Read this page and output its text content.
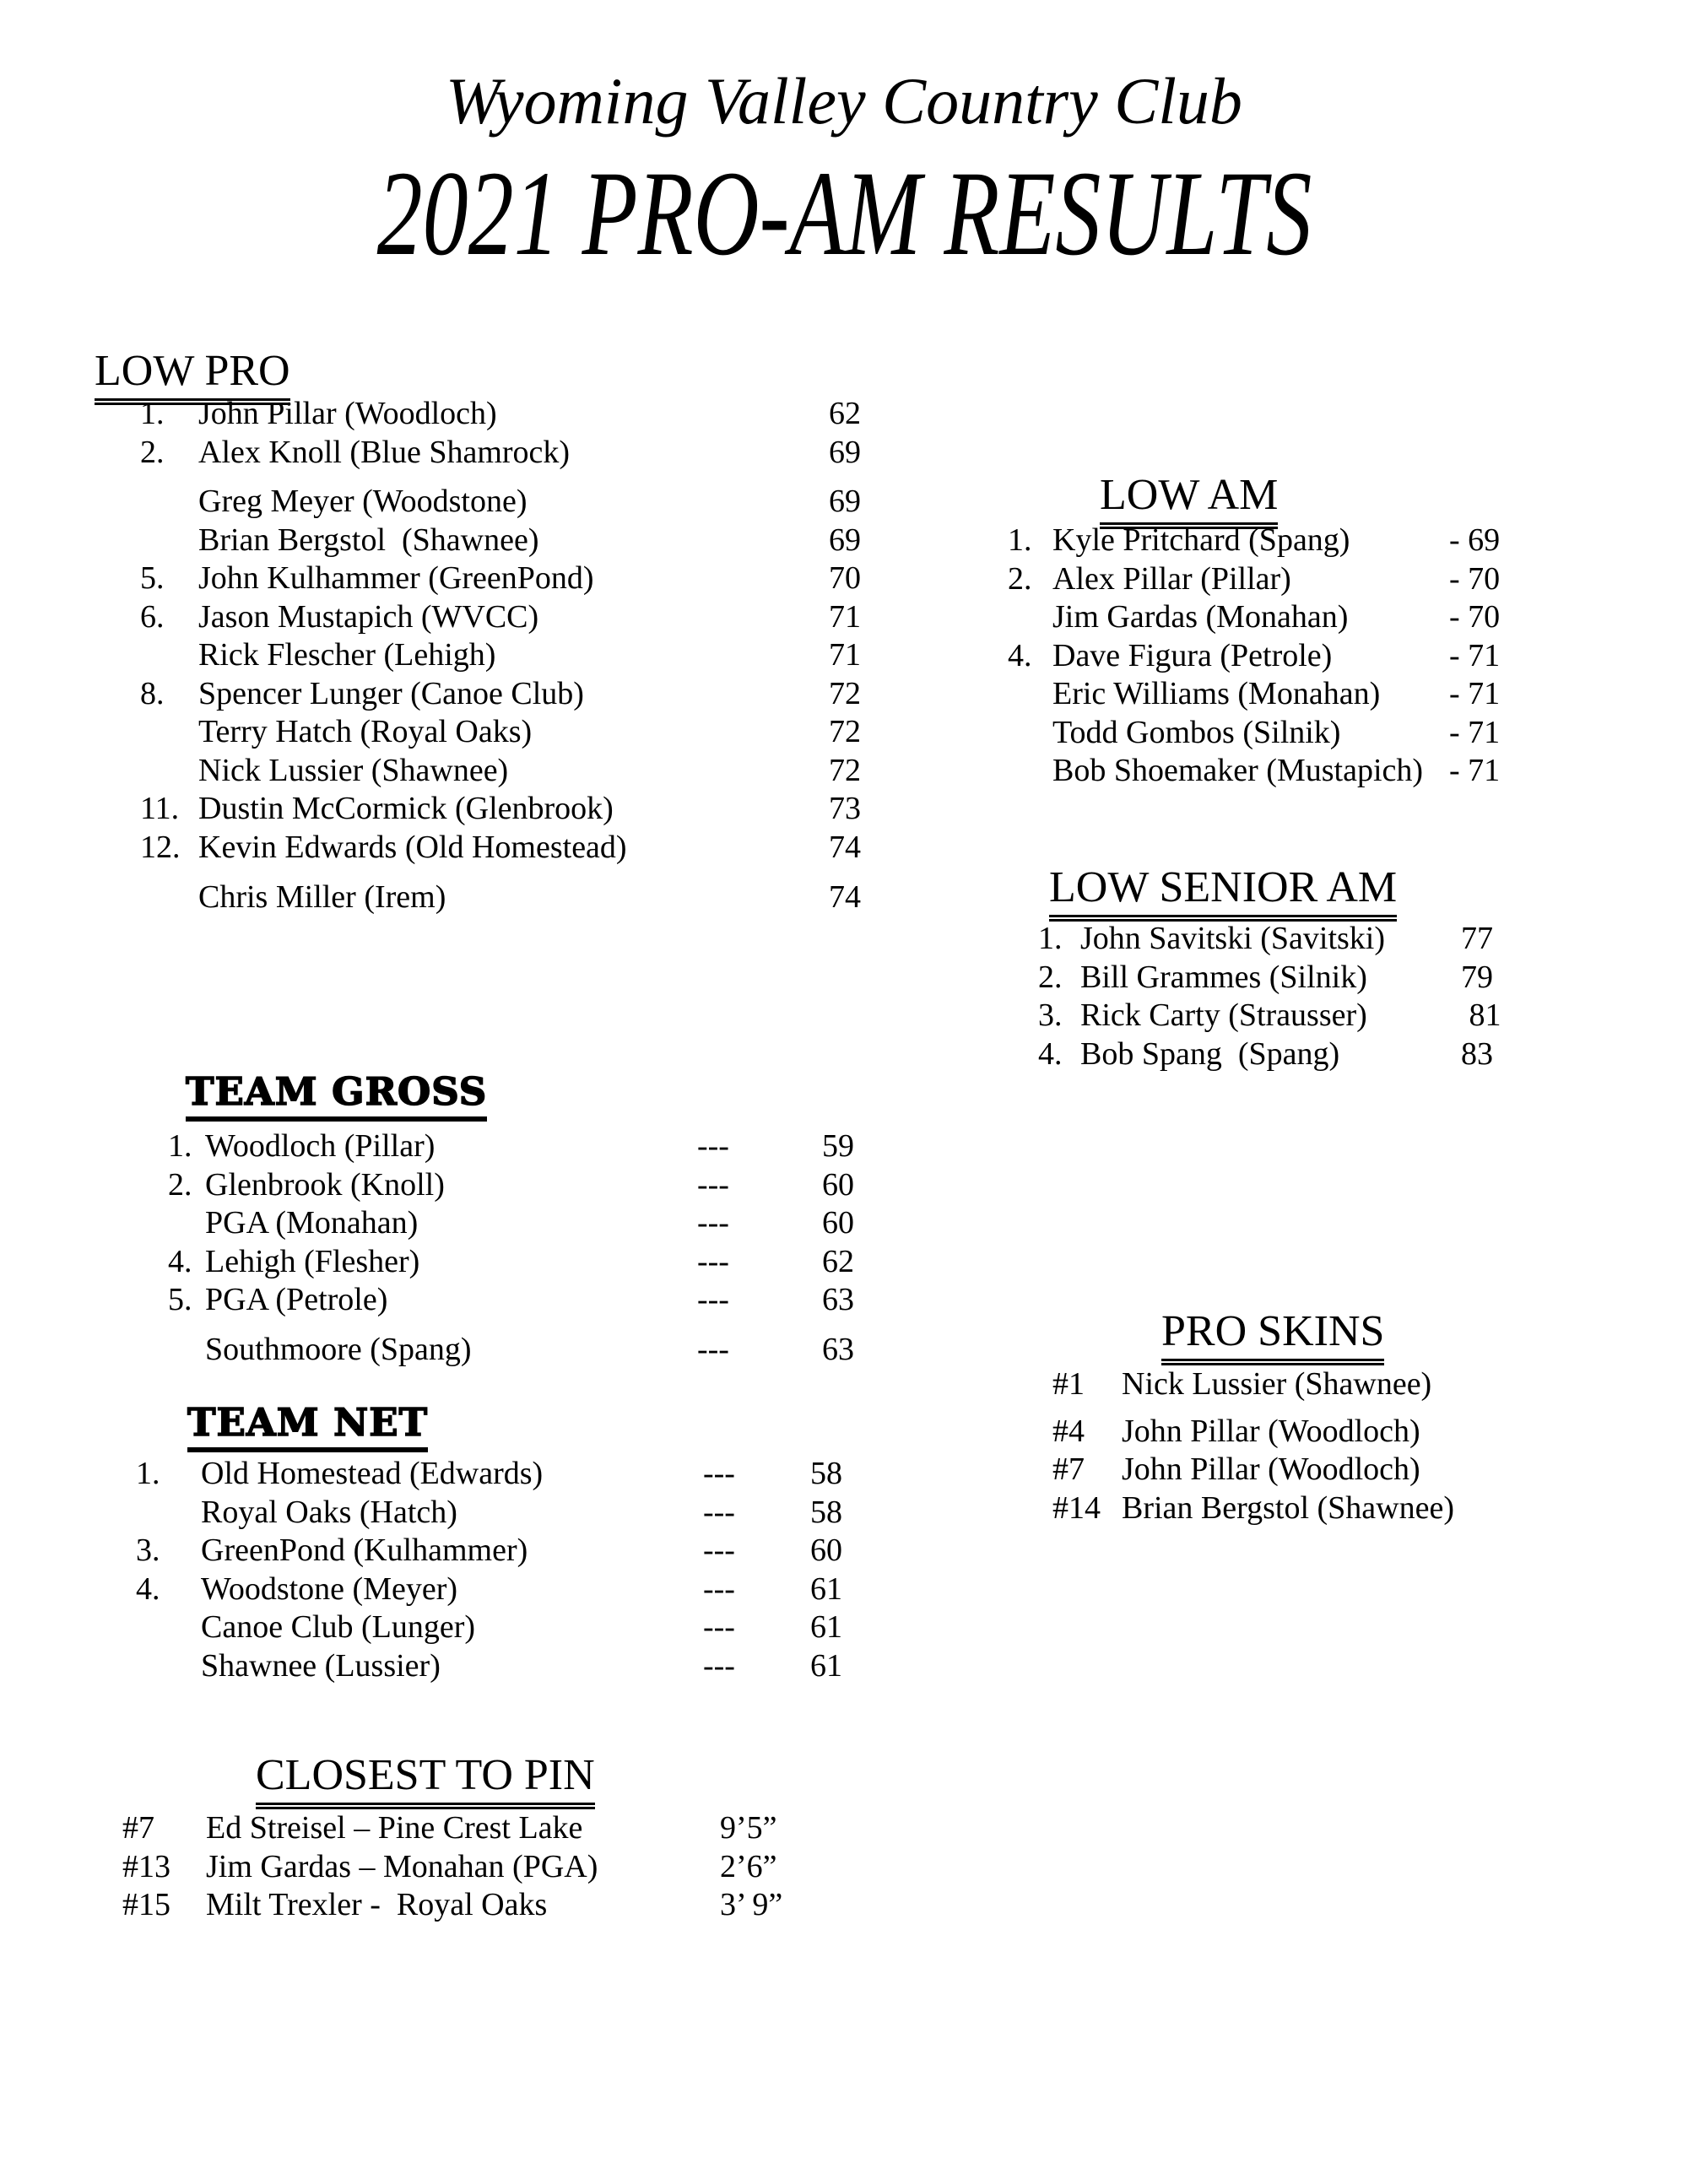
Wyoming Valley Country Club
2021 PRO-AM RESULTS
LOW PRO
1.	John Pillar (Woodloch)	62
2.	Alex Knoll (Blue Shamrock)	69
Greg Meyer (Woodstone)	69
Brian Bergstol  (Shawnee)	69
5.	John Kulhammer (GreenPond)	70
6.	Jason Mustapich (WVCC)	71
Rick Flescher (Lehigh)	71
8.	Spencer Lunger (Canoe Club)	72
Terry Hatch (Royal Oaks)	72
Nick Lussier (Shawnee)	72
11. Dustin McCormick (Glenbrook)	73
12. Kevin Edwards (Old Homestead)	74
Chris Miller (Irem)	74
LOW AM
1. Kyle Pritchard (Spang)	- 69
2. Alex Pillar (Pillar)	- 70
Jim Gardas (Monahan)	- 70
4. Dave Figura (Petrole)	- 71
Eric Williams (Monahan)	- 71
Todd Gombos (Silnik)	- 71
Bob Shoemaker (Mustapich) - 71
LOW SENIOR AM
1. John Savitski (Savitski)	77
2. Bill Grammes (Silnik)	79
3. Rick Carty (Strausser)	81
4. Bob Spang  (Spang)	83
TEAM GROSS
1. Woodloch (Pillar)	---	59
2. Glenbrook (Knoll)	---	60
PGA (Monahan)	---	60
4. Lehigh (Flesher)	---	62
5. PGA (Petrole)	---	63
Southmoore (Spang)	---	63
TEAM NET
1.	Old Homestead (Edwards)	---	58
Royal Oaks (Hatch)	---	58
3.	GreenPond (Kulhammer)	---	60
4.	Woodstone (Meyer)	---	61
Canoe Club (Lunger)	---	61
Shawnee (Lussier)	---	61
PRO SKINS
#1	Nick Lussier (Shawnee)
#4	John Pillar (Woodloch)
#7	John Pillar (Woodloch)
#14 Brian Bergstol (Shawnee)
CLOSEST TO PIN
#7	Ed Streisel – Pine Crest Lake	9’5”
#13	Jim Gardas – Monahan (PGA)	2’6”
#15	Milt Trexler -  Royal Oaks	3’ 9”
